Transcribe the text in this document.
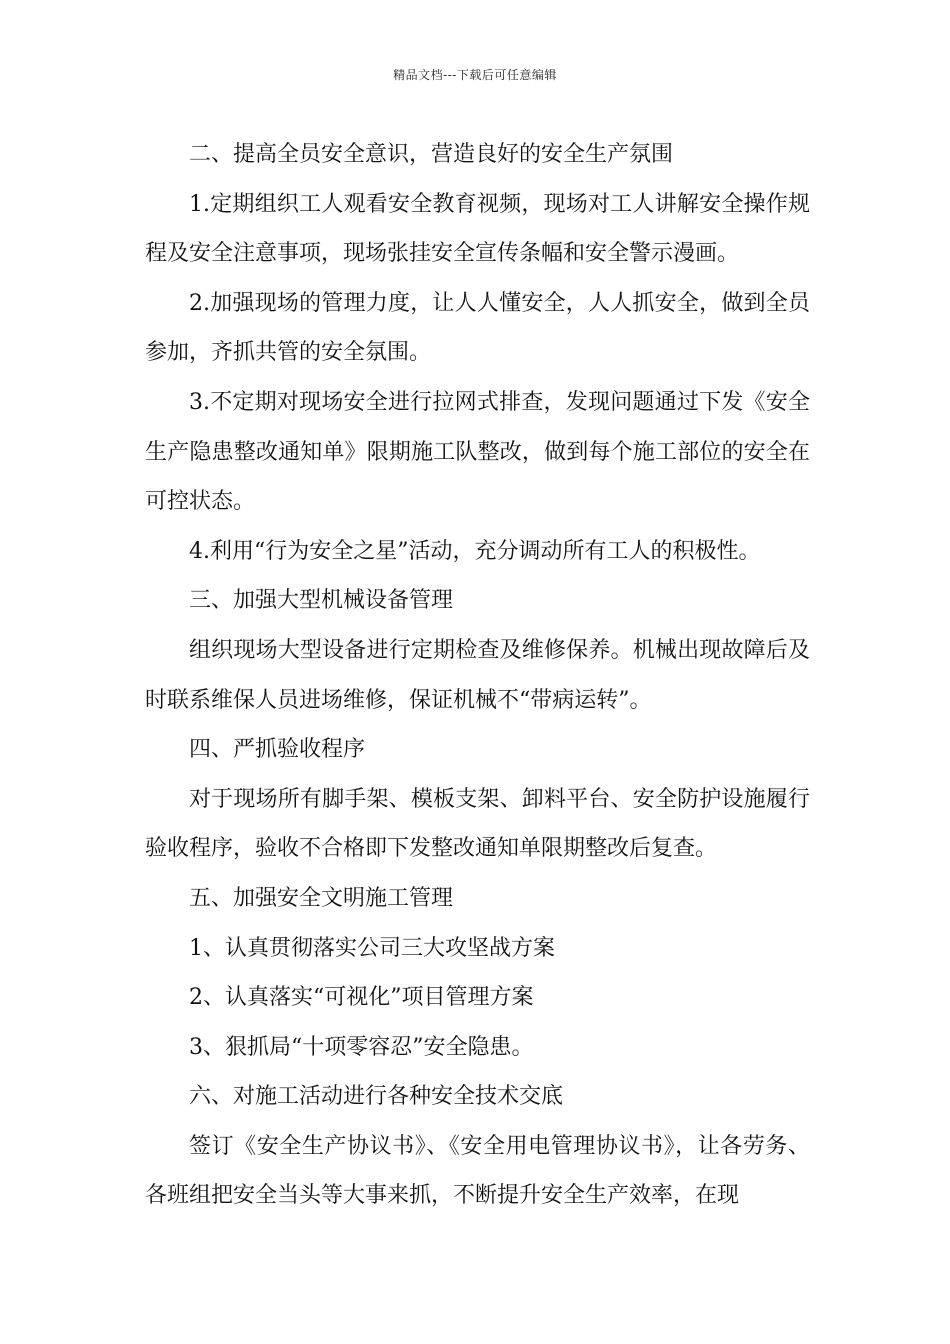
精品文档---下载后可任意编辑

二、提高全员安全意识，营造良好的安全生产氛围

1.定期组织工人观看安全教育视频，现场对工人讲解安全操作规程及安全注意事项，现场张挂安全宣传条幅和安全警示漫画。

2.加强现场的管理力度，让人人懂安全，人人抓安全，做到全员参加，齐抓共管的安全氛围。

3.不定期对现场安全进行拉网式排查，发现问题通过下发《安全生产隐患整改通知单》限期施工队整改，做到每个施工部位的安全在可控状态。

4.利用“行为安全之星”活动，充分调动所有工人的积极性。

三、加强大型机械设备管理

组织现场大型设备进行定期检查及维修保养。机械出现故障后及时联系维保人员进场维修，保证机械不“带病运转”。

四、严抓验收程序

对于现场所有脚手架、模板支架、卸料平台、安全防护设施履行验收程序，验收不合格即下发整改通知单限期整改后复查。

五、加强安全文明施工管理

1、认真贯彻落实公司三大攻坚战方案

2、认真落实“可视化”项目管理方案

3、狠抓局“十项零容忍”安全隐患。

六、对施工活动进行各种安全技术交底

签订《安全生产协议书》、《安全用电管理协议书》，让各劳务、各班组把安全当头等大事来抓，不断提升安全生产效率，在现
